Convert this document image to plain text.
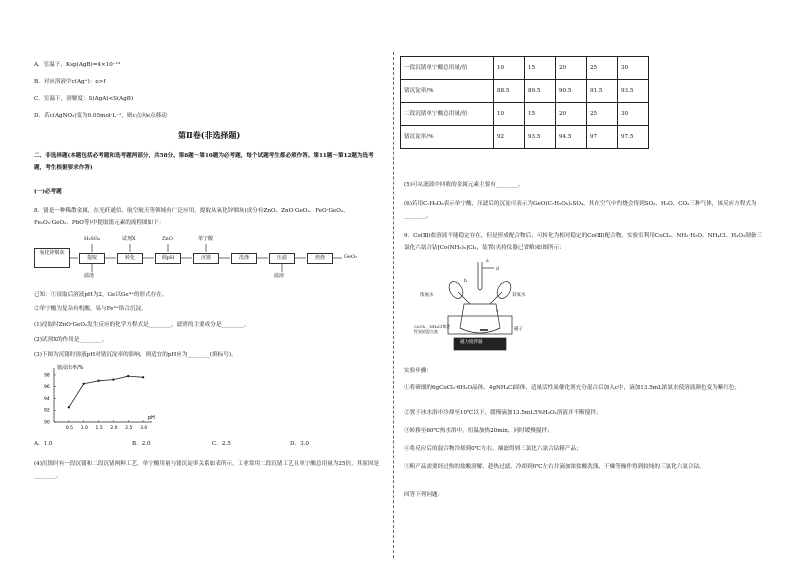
A．室温下，Ksp(AgB)=4×10⁻¹³
B．对应溶液中c(Ag⁺)：e>f
C．室温下，溶解度：S(AgA)<S(AgB)
D．若c(AgNO₃)变为0.05mol·L⁻¹，则c点向e点移动
第Ⅱ卷(非选择题)
二、非选择题(本题包括必考题和选考题两部分，共58分。第8题～第10题为必考题，每个试题考生都必须作答。第11题～第12题为选考题，考生根据要求作答)
(一)必考题
8．锗是一种稀散金属，在光纤通信、航空航天等领域有广泛应用，提取从氧化锌烟灰(成分有ZnO、ZnO·GeO₂、FeO·GeO₂、Fe₂O₃·GeO₂、PbO等)中提取锗元素的流程图如下：
氧化锌烟灰
提取	转化	调pH	沉锗	洗涤	压滤	焙烧	GeO₂
H₂SO₄	试剂X	ZnO	单宁酸
滤渣	滤液
已知：①浸取后溶液pH为2，Ge以Ge⁴⁺的形式存在。
②单宁酸为复杂有机酸，易与Fe³⁺络合沉淀。
(1)浸取时ZnO·GeO₂发生反应的化学方程式是________，滤渣的主要成分是________。
(2)试剂X的作用是________。
(3)下图为沉锗时溶液pH对锗沉淀率的影响，则适宜的pH应为________(填标号)。
锗浸出率/%
pH
0.5 1.0 1.5 2.0 2.5 3.0
90
92
94
96
98
A．1.0	B．2.0	C．2.5	D．3.0
(4)沉锗时有一段沉锗和二段沉锗两种工艺，单宁酸用量与锗沉淀率关系如表所示，工业常用二段沉锗工艺且单宁酸总用量为25倍，其原因是________。
一段沉锗单宁酸总用量/倍	10	15	20	25	30
锗沉淀率/%	88.5	89.5	90.5	91.5	93.5
二段沉锗单宁酸总用量/倍	10	15	20	25	30
锗沉淀率/%	92	93.5	94.5	97	97.5
(5)可从滤液中回收的金属元素主要有________。
(6)若用C₇H₆O₆表示单宁酸，压滤后的沉淀可表示为GeO(C₇H₅O₆)₂SO₄，其在空气中灼烧会得到SO₂、H₂O、CO₂三种气体，该反应方程式为________。
9．Co(Ⅲ)盐溶液不能稳定存在，但是形成配合物后，可转化为相对稳定的Co(Ⅲ)配合物。实验室利用CoCl₂、NH₃·H₂O、NH₄Cl、H₂O₂制备三氯化六氨合钴[Co(NH₃)₆]Cl₃，装置(夹持仪器已省略)如图所示：
浓氨水	双氧水
CoCl₂、NH₄Cl和活性炭的混合液	磁子
磁力搅拌器
a
b
c
d
实验步骤：
①将研细的6gCoCl₂·6H₂O晶体、4gNH₄Cl固体、适量活性炭催化剂充分混合后加入c中，滴加13.5mL浓氨水使溶液颜色变为紫红色；
②置于冰水浴中冷却至10℃以下，缓慢滴加13.5mL5%H₂O₂溶液并不断搅拌；
③转移至60℃热水浴中，恒温加热20min，同时缓慢搅拌；
④将反应后的混合物冷却到0℃左右，抽滤得到三氯化六氨合钴粗产品；
⑤粗产品需要经过热的盐酸溶解、趁热过滤，冷却到0℃左右并滴加浓盐酸洗涤、干燥等操作得到较纯的三氯化六氨合钴。
回答下列问题：
